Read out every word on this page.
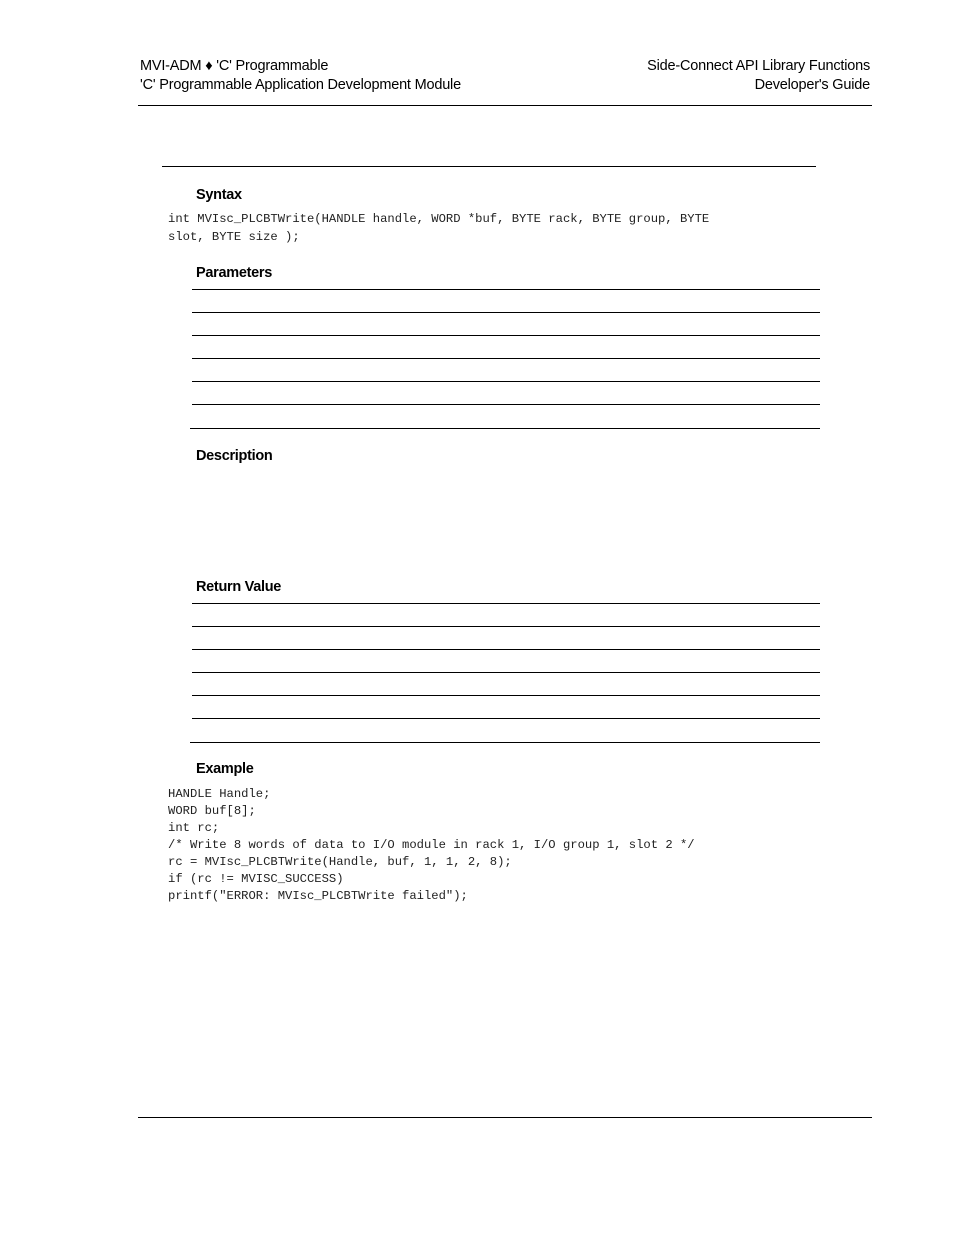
MVI-ADM ♦ 'C' Programmable
'C' Programmable Application Development Module
Side-Connect API Library Functions
Developer's Guide
Syntax
int MVIsc_PLCBTWrite(HANDLE handle, WORD *buf, BYTE rack, BYTE group, BYTE
slot, BYTE size );
Parameters
Description
Return Value
Example
HANDLE Handle;
WORD buf[8];
int rc;
/* Write 8 words of data to I/O module in rack 1, I/O group 1, slot 2 */
rc = MVIsc_PLCBTWrite(Handle, buf, 1, 1, 2, 8);
if (rc != MVISC_SUCCESS)
printf("ERROR: MVIsc_PLCBTWrite failed");
